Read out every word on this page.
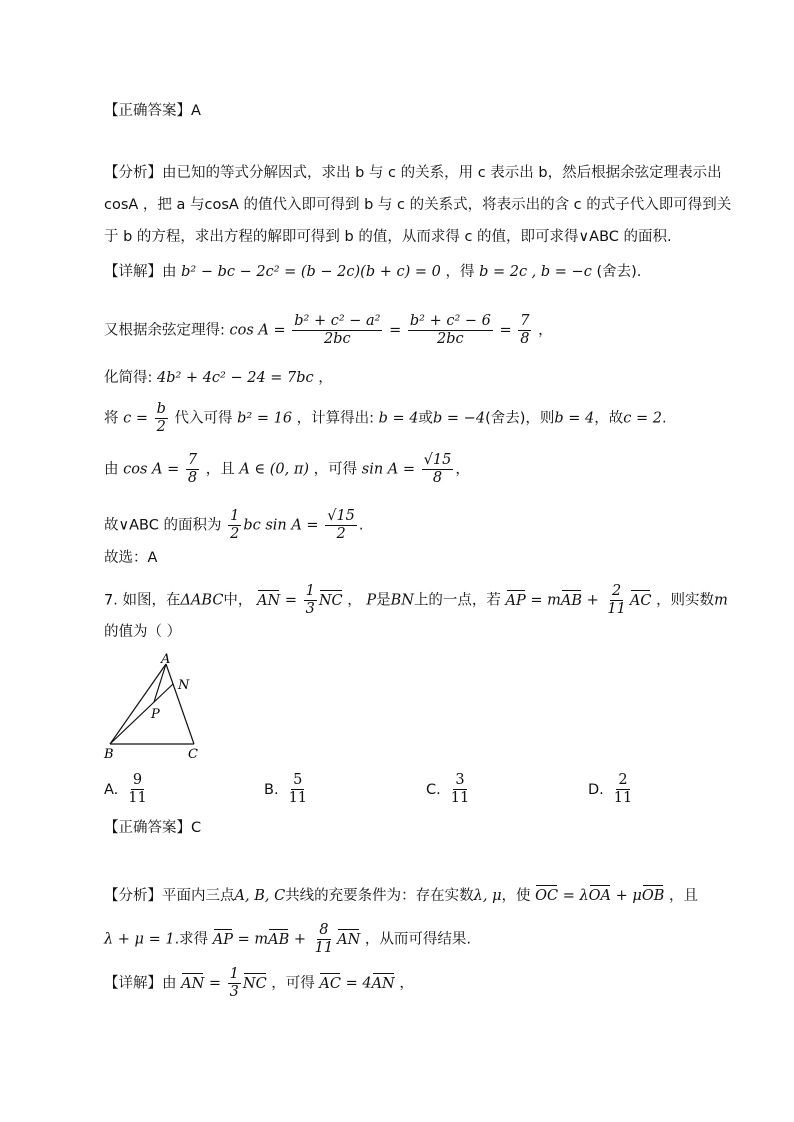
【正确答案】A
【分析】由已知的等式分解因式，求出 b 与 c 的关系，用 c 表示出 b，然后根据余弦定理表示出
cosA ，把 a 与cosA 的值代入即可得到 b 与 c 的关系式，将表示出的含 c 的式子代入即可得到关
于 b 的方程，求出方程的解即可得到 b 的值，从而求得 c 的值，即可求得∨ABC 的面积.
【详解】由 b² − bc − 2c² = (b − 2c)(b + c) = 0 ，得 b = 2c , b = −c (舍去).
又根据余弦定理得: $\cos A = \frac{\text{b² + c² − a²}}{2bc} = \frac{\text{b² + c² − 6}}{2bc} = \frac{7}{8}$ ，
化简得: 4b² + 4c² − 24 = 7bc ，
将 $c = \frac{b}{2}$ 代入可得 b² = 16 ，计算得出: b = 4或b = −4(舍去)，则b = 4，故c = 2.
由 $\cos A = \frac{7}{8}$ ，且 A ∈ (0, π) ，可得 $\sin A = \frac{√15}{8}$ ，
故∨ABC 的面积为 $\frac{1}{2}$ bc $\sin A = \frac{√15}{2}$ .
故选：A
7. 如图，在ΔABC中， AN = $\frac{1}{3}$ NC ， P是BN上的一点，若 AP = mAB + $\frac{2}{11}$ AC ，则实数m
的值为（ ）
A
N
P
B	C
A. $\frac{9}{11}$	B. $\frac{5}{11}$	C. $\frac{3}{11}$	D. $\frac{2}{11}$
【正确答案】C
【分析】平面内三点A, B, C共线的充要条件为：存在实数λ, μ，使 OC = λOA + μOB ，且
λ + μ = 1.求得 AP = mAB + $\frac{8}{11}$ AN ，从而可得结果.
【详解】由 AN = $\frac{1}{3}$ NC ，可得 AC = 4AN ，
